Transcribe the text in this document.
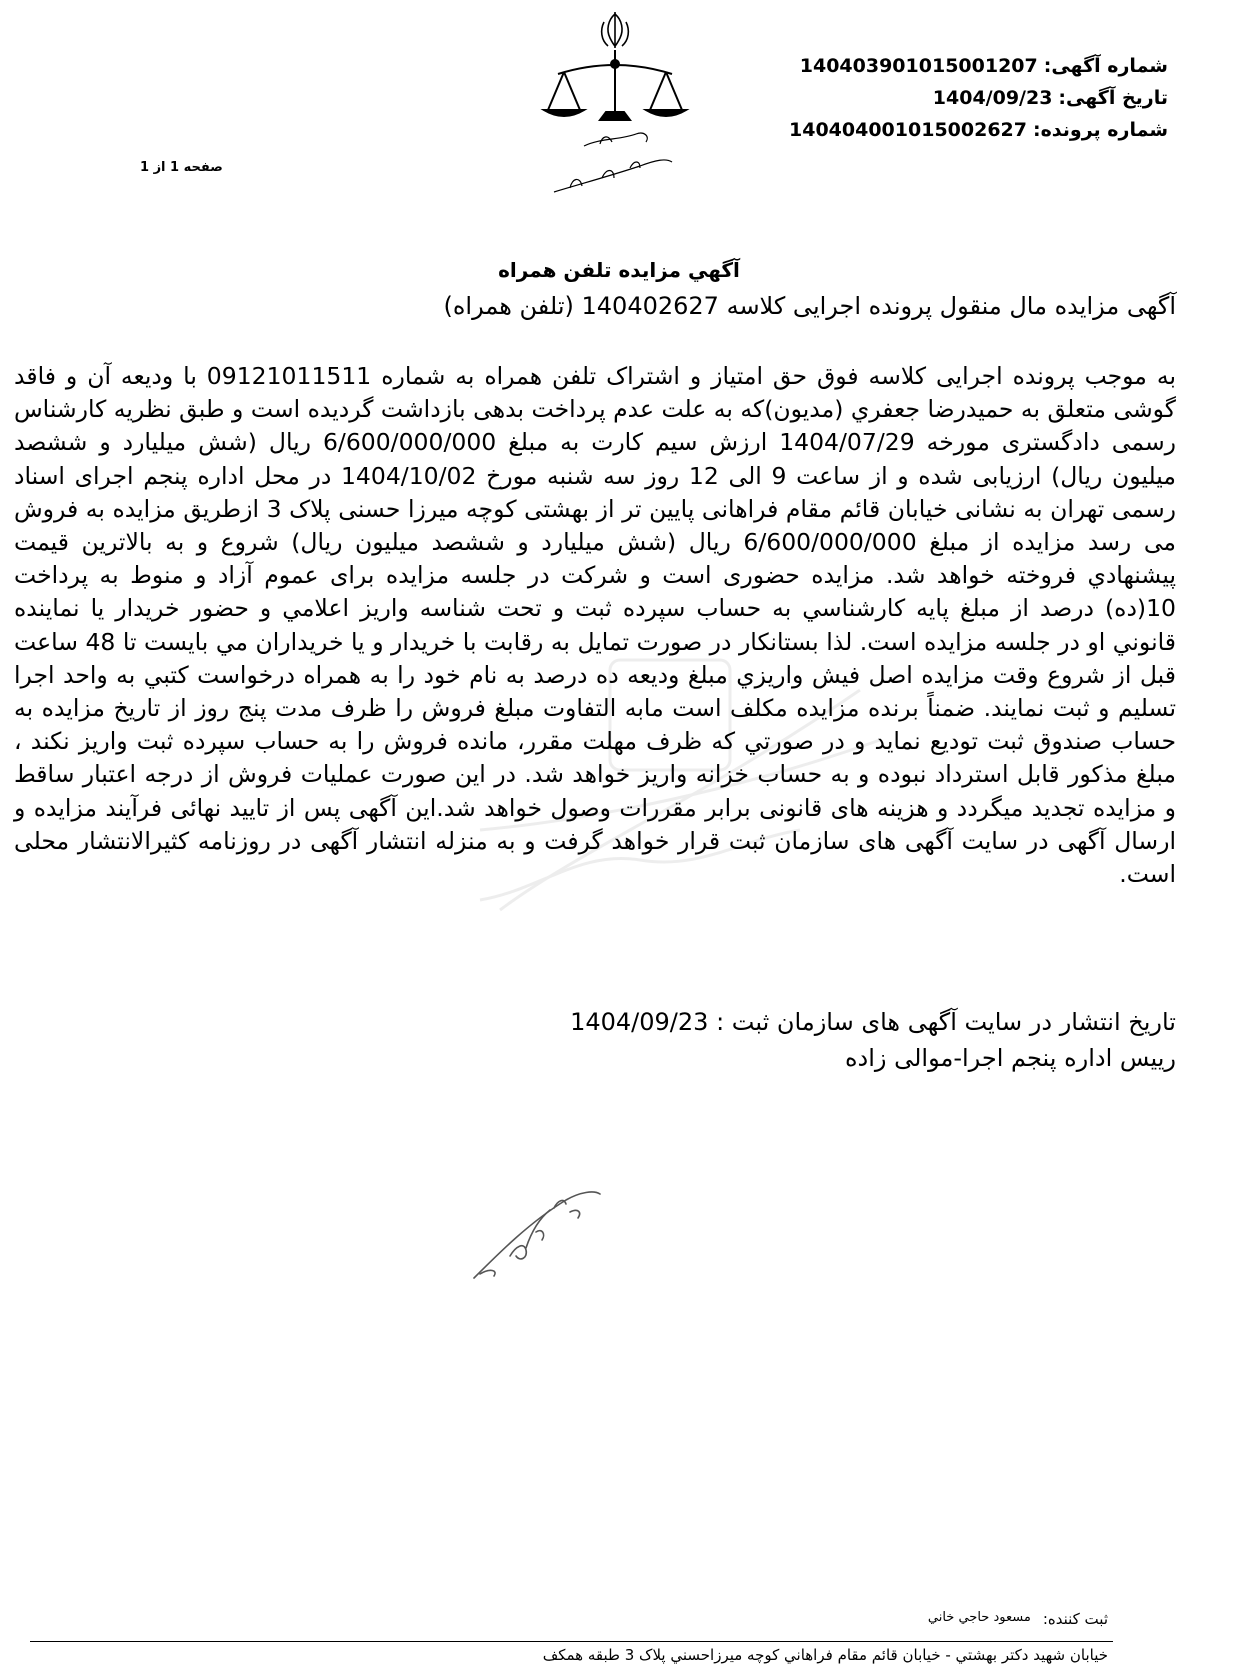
شماره آگهی:
140403901015001207
تاریخ آگهی:
1404/09/23
شماره پرونده:
140404001015002627
صفحه 1 از 1
آگهي مزايده تلفن همراه
آگهی مزایده مال منقول پرونده اجرایی کلاسه 140402627 (تلفن همراه)
به موجب پرونده اجرایی کلاسه فوق حق امتیاز و اشتراک تلفن همراه به شماره 09121011511 با ودیعه آن و فاقد گوشی متعلق به حمیدرضا جعفري (مدیون)که به علت عدم پرداخت بدهی بازداشت گردیده است و طبق نظریه کارشناس رسمی دادگستری مورخه 1404/07/29 ارزش سیم کارت به مبلغ 6/600/000/000 ریال (شش میلیارد و ششصد میلیون ریال) ارزیابی شده و از ساعت 9 الی 12 روز سه شنبه مورخ 1404/10/02 در محل اداره پنجم اجرای اسناد رسمی تهران به نشانی خیابان قائم مقام فراهانی پایین تر از بهشتی کوچه میرزا حسنی پلاک 3 ازطریق مزایده به فروش می رسد مزایده از مبلغ 6/600/000/000 ریال (شش میلیارد و ششصد میلیون ریال) شروع و به بالاترین قیمت پیشنهادي فروخته خواهد شد. مزایده حضوری است و شرکت در جلسه مزایده برای عموم آزاد و منوط به پرداخت 10(ده) درصد از مبلغ پایه کارشناسي به حساب سپرده ثبت و تحت شناسه واریز اعلامي و حضور خریدار یا نماینده قانوني او در جلسه مزایده است. لذا بستانکار در صورت تمایل به رقابت با خریدار و یا خریداران مي بایست تا 48 ساعت قبل از شروع وقت مزایده اصل فیش واریزي مبلغ ودیعه ده درصد به نام خود را به همراه درخواست کتبي به واحد اجرا تسلیم و ثبت نمایند. ضمناً برنده مزایده مکلف است مابه التفاوت مبلغ فروش را ظرف مدت پنج روز از تاریخ مزایده به حساب صندوق ثبت تودیع نماید و در صورتي که ظرف مهلت مقرر، مانده فروش را به حساب سپرده ثبت واریز نکند ، مبلغ مذکور قابل استرداد نبوده و به حساب خزانه واریز خواهد شد. در این صورت عملیات فروش از درجه اعتبار ساقط و مزایده تجدید میگردد و هزینه های قانونی برابر مقررات وصول خواهد شد.این آگهی پس از تایید نهائی فرآیند مزایده و ارسال آگهی در سایت آگهی های سازمان ثبت قرار خواهد گرفت و به منزله انتشار آگهی در روزنامه کثیرالانتشار محلی است.
تاریخ انتشار در سایت آگهی های سازمان ثبت : 1404/09/23
رییس اداره پنجم اجرا-موالی زاده
ثبت کننده:
مسعود حاجي خاني
خیابان شهید دکتر بهشتي - خیابان قائم مقام فراهاني کوچه میرزاحسني پلاک 3 طبقه همکف
